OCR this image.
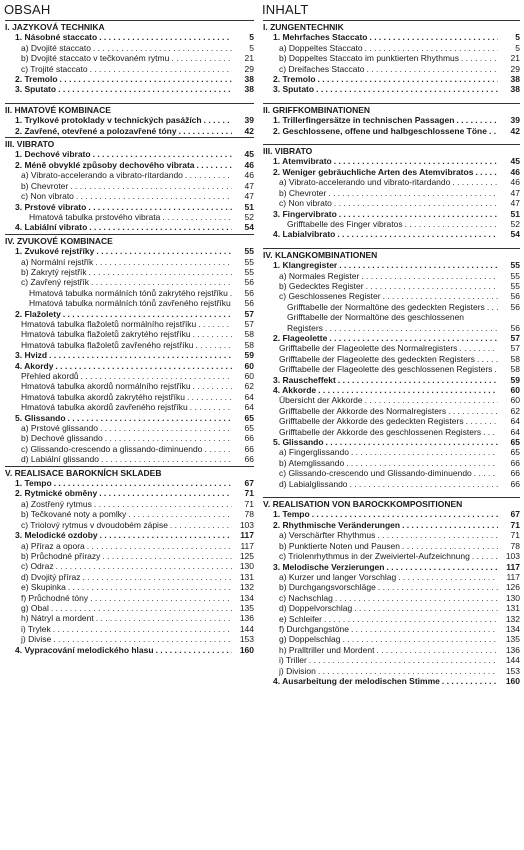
OBSAH
I. JAZYKOVÁ TECHNIKA
1. Násobné staccato . . .	5
a) Dvojité staccato . . .	5
b) Dvojité staccato v tečkovaném rytmu . . .	21
c) Trojité staccato . . .	29
2. Tremolo . . .	38
3. Sputato . . .	38
II. HMATOVÉ KOMBINACE
1. Trylkové protoklady v technických pasážích . . .	39
2. Zavřené, otevřené a polozavřené tóny . . .	42
III. VIBRATO
1. Dechové vibrato . . .	45
2. Méně obvyklé způsoby dechového vibrata . . .	46
a) Vibrato-accelerando a vibrato-ritardando . . .	46
b) Chevroter . . .	47
c) Non vibrato . . .	47
3. Prstové vibrato . . .	51
Hmatová tabulka prstového vibrata . . .	52
4. Labiální vibrato . . .	54
IV. ZVUKOVÉ KOMBINACE
1. Zvukové rejstříky . . .	55
a) Normální rejstřík . . .	55
b) Zakrytý rejstřík . . .	55
c) Zavřený rejstřík . . .	56
Hmatová tabulka normálních tónů zakrytého rejstříku . . .	56
Hmatová tabulka normálních tónů zavřeného rejstříku . . .	56
2. Flažolety . . .	57
Hmatová tabulka flažoletů normálního rejstříku . . .	57
Hmatová tabulka flažoletů zakrytého rejstříku . . .	58
Hmatová tabulka flažoletů zavřeného rejstříku . . .	58
3. Hvizd . . .	59
4. Akordy . . .	60
Přehled akordů . . .	60
Hmatová tabulka akordů normálního rejstříku . . .	62
Hmatová tabulka akordů zakrytého rejstříku . . .	64
Hmatová tabulka akordů zavřeného rejstříku . . .	64
5. Glissando . . .	65
a) Prstové glissando . . .	65
b) Dechové glissando . . .	66
c) Glissando-crescendo a glissando-diminuendo . . .	66
d) Labiální glissando . . .	66
V. REALISACE BAROKNÍCH SKLADEB
1. Tempo . . .	67
2. Rytmické obměny . . .	71
a) Zostřený rytmus . . .	71
b) Tečkované noty a pomlky . . .	78
c) Triolový rytmus v dvoudobém zápise . . .	103
3. Melodické ozdoby . . .	117
a) Příraz a opora . . .	117
b) Průchodné přírazy . . .	125
c) Odraz . . .	130
d) Dvojitý příraz . . .	131
e) Skupinka . . .	132
f) Průchodné tóny . . .	134
g) Obal . . .	135
h) Nátryl a mordent . . .	136
i) Trylek . . .	144
j) Divise . . .	153
4. Vypracování melodického hlasu . . .	160
INHALT
I. ZUNGENTECHNIK
1. Mehrfaches Staccato . . .	5
a) Doppeltes Staccato . . .	5
b) Doppeltes Staccato im punktierten Rhythmus . . .	21
c) Dreifaches Staccato . . .	29
2. Tremolo . . .	38
3. Sputato . . .	38
II. GRIFFKOMBINATIONEN
1. Trillerfingersätze in technischen Passagen . . .	39
2. Geschlossene, offene und halbgeschlossene Töne . . .	42
III. VIBRATO
1. Atemvibrato . . .	45
2. Weniger gebräuchliche Arten des Atemvibratos . . .	46
a) Vibrato-accelerando und vibrato-ritardando . . .	46
b) Chevroter . . .	47
c) Non vibrato . . .	47
3. Fingervibrato . . .	51
Grifftabelle des Finger vibratos . . .	52
4. Labialvibrato . . .	54
IV. KLANGKOMBINATIONEN
1. Klangregister . . .	55
a) Normales Register . . .	55
b) Gedecktes Register . . .	55
c) Geschlossenes Register . . .	56
Grifftabelle der Normaltöne des gedeckten Registers . . .	56
Grifftabelle der Normaltöne des geschlossenen Registers . . .	56
2. Flageolette . . .	57
Grifftabelle der Flageolette des Normalregisters . . .	57
Grifftabelle der Flageolette des gedeckten Registers . . .	58
Grifftabelle der Flageolette des geschlossenen Registers . . .	58
3. Rauscheffekt . . .	59
4. Akkorde . . .	60
Übersicht der Akkorde . . .	60
Grifftabelle der Akkorde des Normalregisters . . .	62
Grifftabelle der Akkorde des gedeckten Registers . . .	64
Grifftabelle der Akkorde des geschlossenen Registers . . .	64
5. Glissando . . .	65
a) Fingerglissando . . .	65
b) Atemglissando . . .	66
c) Glissando-crescendo und Glissando-diminuendo . . .	66
d) Labialglissando . . .	66
V. REALISATION VON BAROCKKOMPOSITIONEN
1. Tempo . . .	67
2. Rhythmische Veränderungen . . .	71
a) Verschärfter Rhythmus . . .	71
b) Punktierte Noten und Pausen . . .	78
c) Triolenrhythmus in der Zweiviertel-Aufzeichnung . . .	103
3. Melodische Verzierungen . . .	117
a) Kurzer und langer Vorschlag . . .	117
b) Durchgangsvorschläge . . .	126
c) Nachschlag . . .	130
d) Doppelvorschlag . . .	131
e) Schleifer . . .	132
f) Durchgangstöne . . .	134
g) Doppelschlag . . .	135
h) Pralltriller und Mordent . . .	136
i) Triller . . .	144
j) Division . . .	153
4. Ausarbeitung der melodischen Stimme . . .	160
